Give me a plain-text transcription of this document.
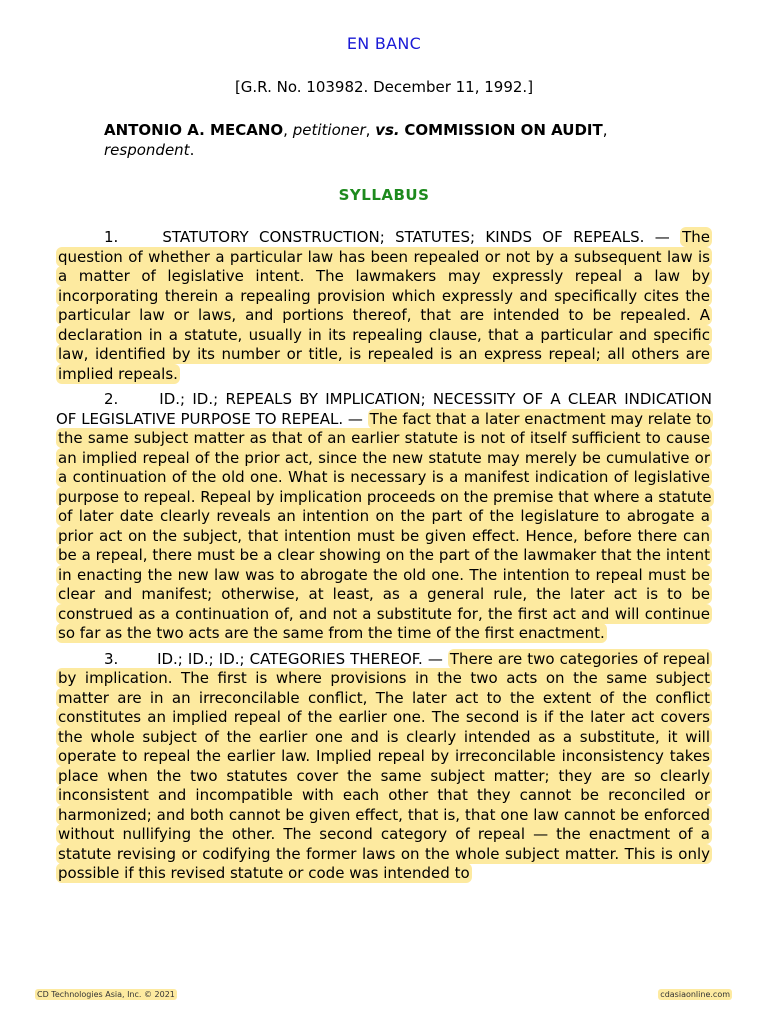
EN BANC
[G.R. No. 103982. December 11, 1992.]
ANTONIO A. MECANO, petitioner, vs. COMMISSION ON AUDIT,
respondent.
SYLLABUS

1.	STATUTORY CONSTRUCTION; STATUTES; KINDS OF REPEALS. — The question of whether a particular law has been repealed or not by a subsequent law is a matter of legislative intent. The lawmakers may expressly repeal a law by incorporating therein a repealing provision which expressly and specifically cites the particular law or laws, and portions thereof, that are intended to be repealed. A declaration in a statute, usually in its repealing clause, that a particular and specific law, identified by its number or title, is repealed is an express repeal; all others are implied repeals.

2.	ID.; ID.; REPEALS BY IMPLICATION; NECESSITY OF A CLEAR INDICATION OF LEGISLATIVE PURPOSE TO REPEAL. — The fact that a later enactment may relate to the same subject matter as that of an earlier statute is not of itself sufficient to cause an implied repeal of the prior act, since the new statute may merely be cumulative or a continuation of the old one. What is necessary is a manifest indication of legislative purpose to repeal. Repeal by implication proceeds on the premise that where a statute of later date clearly reveals an intention on the part of the legislature to abrogate a prior act on the subject, that intention must be given effect. Hence, before there can be a repeal, there must be a clear showing on the part of the lawmaker that the intent in enacting the new law was to abrogate the old one. The intention to repeal must be clear and manifest; otherwise, at least, as a general rule, the later act is to be construed as a continuation of, and not a substitute for, the first act and will continue so far as the two acts are the same from the time of the first enactment.

3.	ID.; ID.; ID.; CATEGORIES THEREOF. — There are two categories of repeal by implication. The first is where provisions in the two acts on the same subject matter are in an irreconcilable conflict, The later act to the extent of the conflict constitutes an implied repeal of the earlier one. The second is if the later act covers the whole subject of the earlier one and is clearly intended as a substitute, it will operate to repeal the earlier law. Implied repeal by irreconcilable inconsistency takes place when the two statutes cover the same subject matter; they are so clearly inconsistent and incompatible with each other that they cannot be reconciled or harmonized; and both cannot be given effect, that is, that one law cannot be enforced without nullifying the other. The second category of repeal — the enactment of a statute revising or codifying the former laws on the whole subject matter. This is only possible if this revised statute or code was intended to

CD Technologies Asia, Inc. © 2021	cdasiaonline.com
